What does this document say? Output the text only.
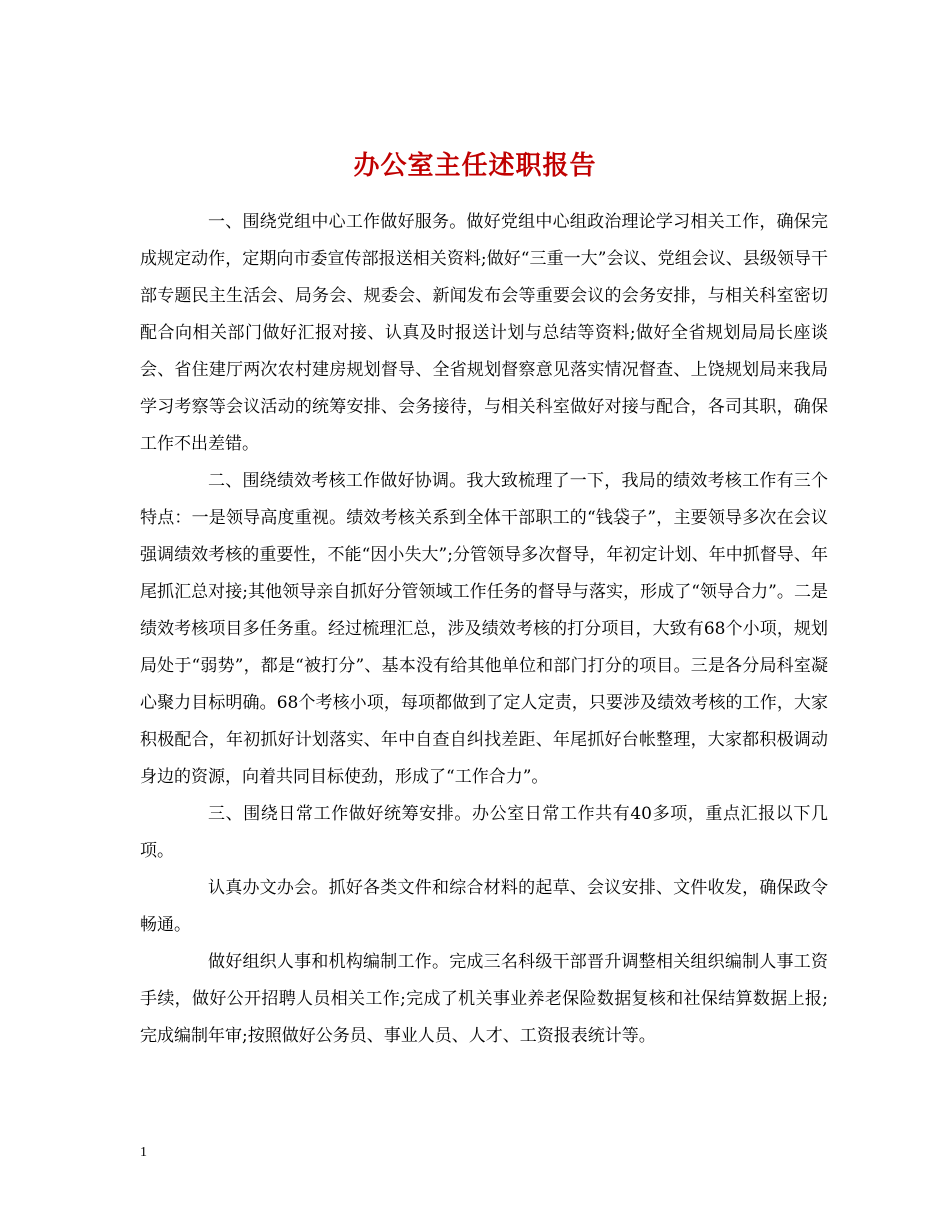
办公室主任述职报告

一、围绕党组中心工作做好服务。做好党组中心组政治理论学习相关工作，确保完成规定动作，定期向市委宣传部报送相关资料;做好“三重一大”会议、党组会议、县级领导干部专题民主生活会、局务会、规委会、新闻发布会等重要会议的会务安排，与相关科室密切配合向相关部门做好汇报对接、认真及时报送计划与总结等资料;做好全省规划局局长座谈会、省住建厅两次农村建房规划督导、全省规划督察意见落实情况督查、上饶规划局来我局学习考察等会议活动的统筹安排、会务接待，与相关科室做好对接与配合，各司其职，确保工作不出差错。

二、围绕绩效考核工作做好协调。我大致梳理了一下，我局的绩效考核工作有三个特点：一是领导高度重视。绩效考核关系到全体干部职工的“钱袋子”，主要领导多次在会议强调绩效考核的重要性，不能“因小失大”;分管领导多次督导，年初定计划、年中抓督导、年尾抓汇总对接;其他领导亲自抓好分管领域工作任务的督导与落实，形成了“领导合力”。二是绩效考核项目多任务重。经过梳理汇总，涉及绩效考核的打分项目，大致有68个小项，规划局处于“弱势”，都是“被打分”、基本没有给其他单位和部门打分的项目。三是各分局科室凝心聚力目标明确。68个考核小项，每项都做到了定人定责，只要涉及绩效考核的工作，大家积极配合，年初抓好计划落实、年中自查自纠找差距、年尾抓好台帐整理，大家都积极调动身边的资源，向着共同目标使劲，形成了“工作合力”。

三、围绕日常工作做好统筹安排。办公室日常工作共有40多项，重点汇报以下几项。

认真办文办会。抓好各类文件和综合材料的起草、会议安排、文件收发，确保政令畅通。

做好组织人事和机构编制工作。完成三名科级干部晋升调整相关组织编制人事工资手续，做好公开招聘人员相关工作;完成了机关事业养老保险数据复核和社保结算数据上报;完成编制年审;按照做好公务员、事业人员、人才、工资报表统计等。

1
